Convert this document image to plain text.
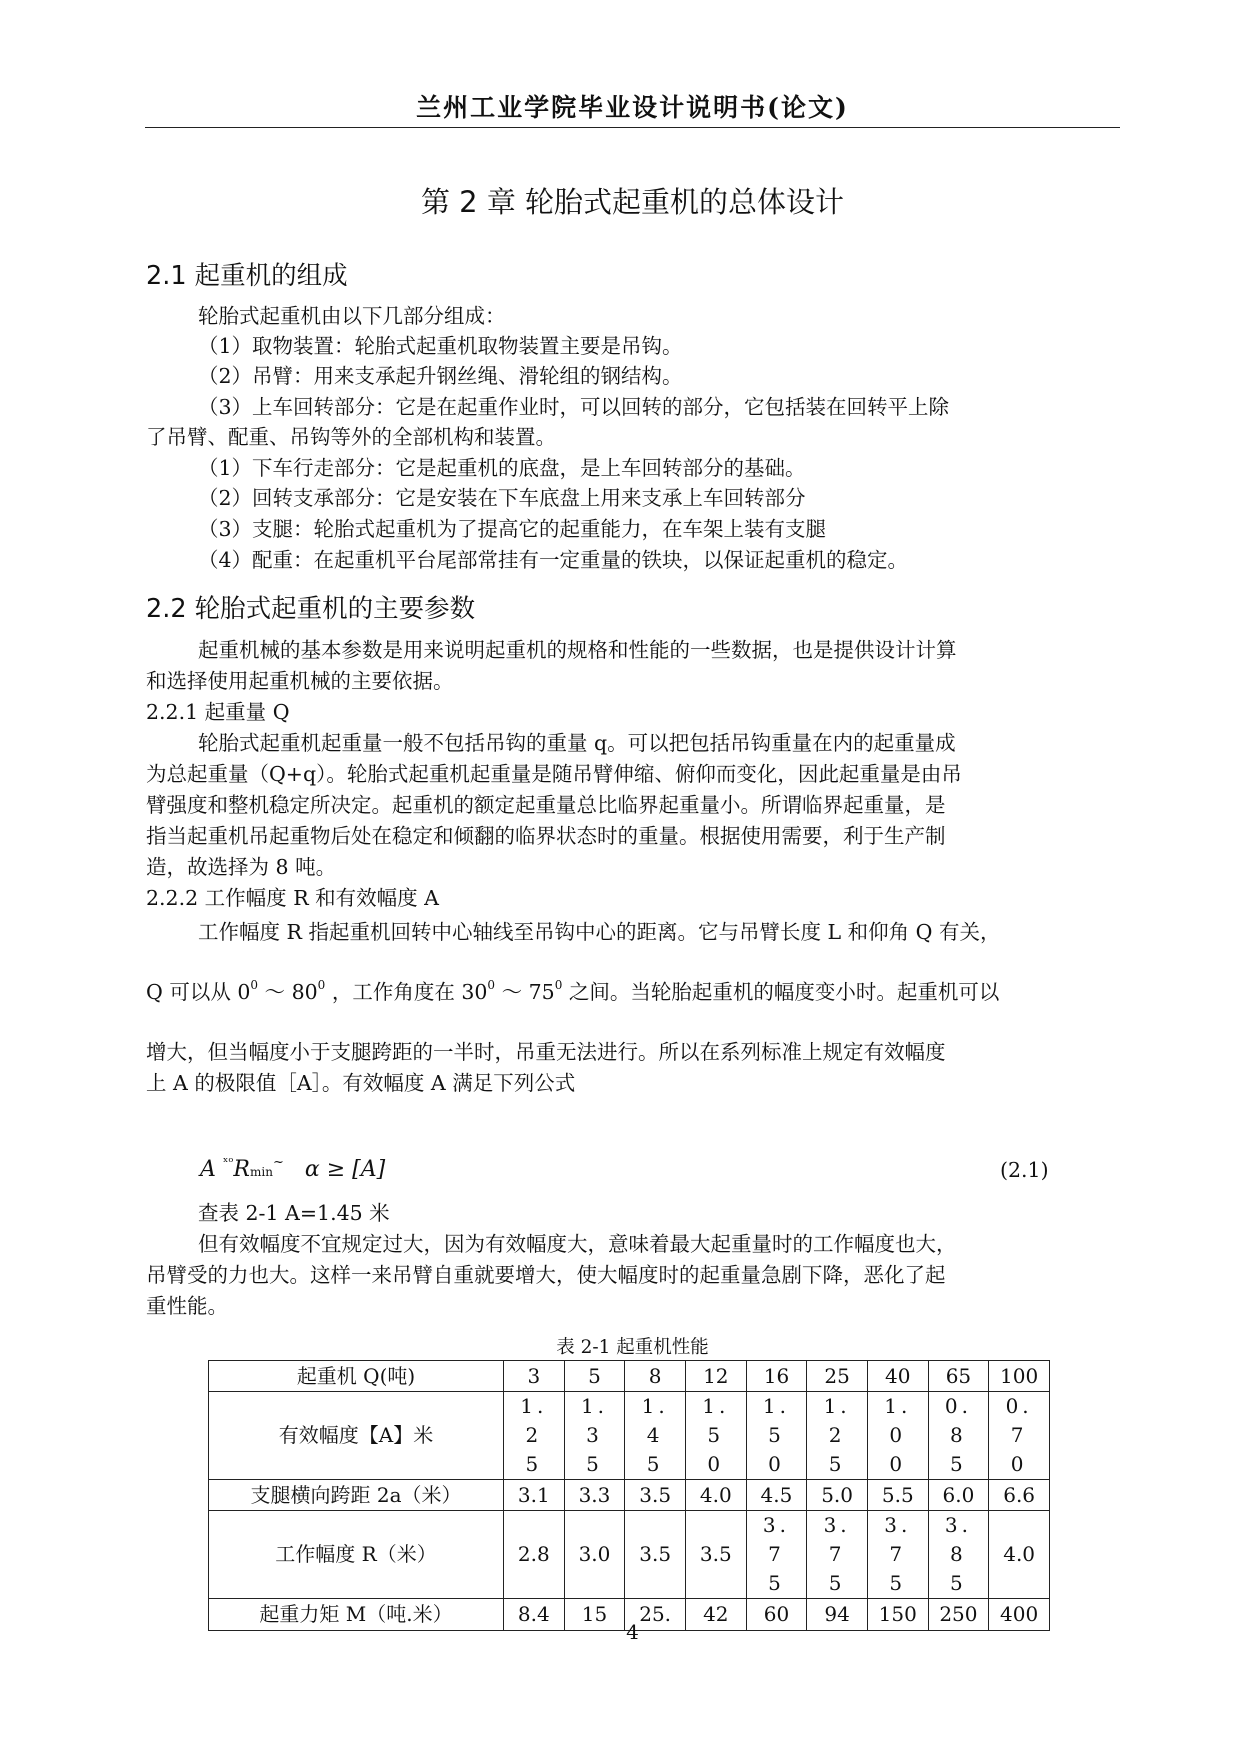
兰州工业学院毕业设计说明书(论文)
第 2 章 轮胎式起重机的总体设计
2.1 起重机的组成
轮胎式起重机由以下几部分组成：
（1）取物装置：轮胎式起重机取物装置主要是吊钩。
（2）吊臂：用来支承起升钢丝绳、滑轮组的钢结构。
（3）上车回转部分：它是在起重作业时，可以回转的部分，它包括装在回转平上除
了吊臂、配重、吊钩等外的全部机构和装置。
（1）下车行走部分：它是起重机的底盘，是上车回转部分的基础。
（2）回转支承部分：它是安装在下车底盘上用来支承上车回转部分
（3）支腿：轮胎式起重机为了提高它的起重能力，在车架上装有支腿
（4）配重：在起重机平台尾部常挂有一定重量的铁块，以保证起重机的稳定。
2.2 轮胎式起重机的主要参数
起重机械的基本参数是用来说明起重机的规格和性能的一些数据，也是提供设计计算
和选择使用起重机械的主要依据。
2.2.1 起重量 Q
轮胎式起重机起重量一般不包括吊钩的重量 q。可以把包括吊钩重量在内的起重量成
为总起重量（Q+q）。轮胎式起重机起重量是随吊臂伸缩、俯仰而变化，因此起重量是由吊
臂强度和整机稳定所决定。起重机的额定起重量总比临界起重量小。所谓临界起重量，是
指当起重机吊起重物后处在稳定和倾翻的临界状态时的重量。根据使用需要，利于生产制
造，故选择为 8 吨。
2.2.2 工作幅度 R 和有效幅度 A
工作幅度 R 指起重机回转中心轴线至吊钩中心的距离。它与吊臂长度 L 和仰角 Q 有关，
Q 可以从 $0^0$ ～ $80^0$ ，工作角度在 $30^0$ ～ $75^0$ 之间。当轮胎起重机的幅度变小时。起重机可以
增大，但当幅度小于支腿跨距的一半时，吊重无法进行。所以在系列标准上规定有效幅度
上 A 的极限值［A］。有效幅度 A 满足下列公式
A $^{ˣᵒ}$Rmin~ α ≥ [A]	(2.1)
查表 2-1 A=1.45 米
但有效幅度不宜规定过大，因为有效幅度大，意味着最大起重量时的工作幅度也大，
吊臂受的力也大。这样一来吊臂自重就要增大，使大幅度时的起重量急剧下降，恶化了起
重性能。
表 2-1 起重机性能
起重机 Q(吨)	3	5	8	12	16	25	40	65	100
有效幅度【A】米	1.25	1.35	1.45	1.50	1.50	1.25	1.00	0.85	0.70
支腿横向跨距 2a（米）	3.1	3.3	3.5	4.0	4.5	5.0	5.5	6.0	6.6
工作幅度 R（米）	2.8	3.0	3.5	3.5	3.75	3.75	3.75	3.85	4.0
起重力矩 M（吨.米）	8.4	15	25.	42	60	94	150	250	400
4
